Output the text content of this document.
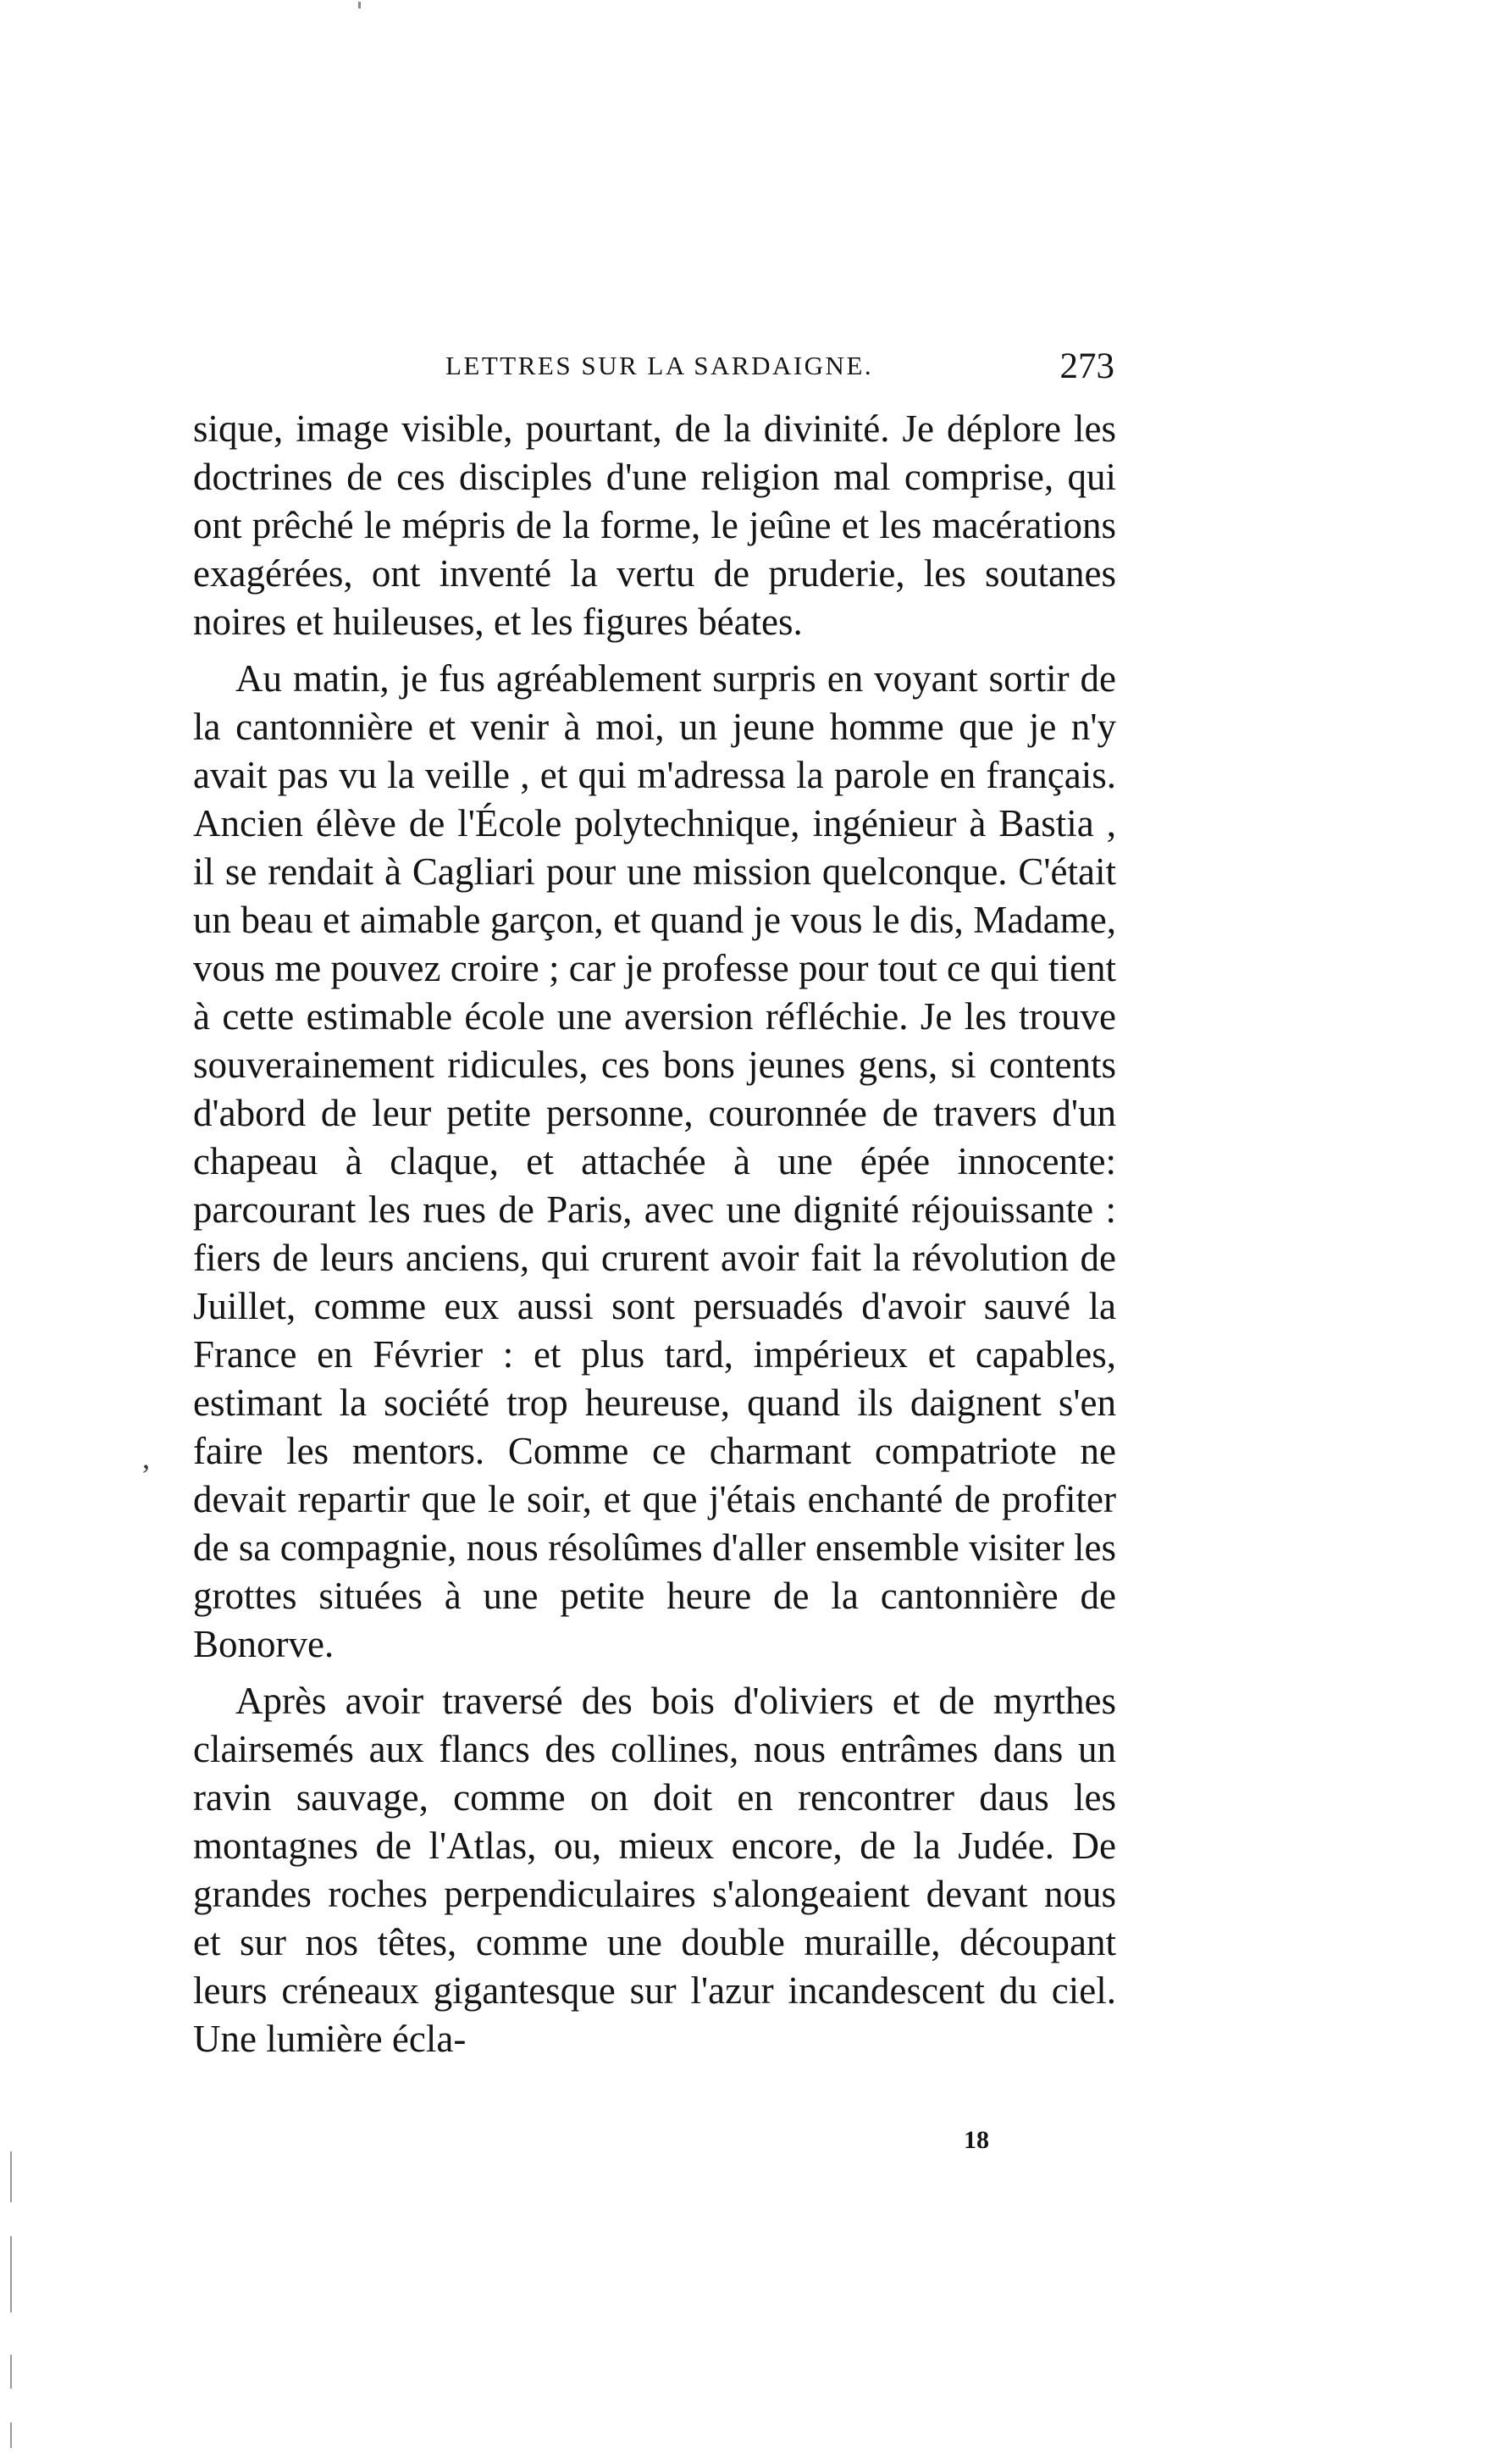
LETTRES SUR LA SARDAIGNE.	273

sique, image visible, pourtant, de la divinité. Je déplore les doctrines de ces disciples d'une religion mal comprise, qui ont prêché le mépris de la forme, le jeûne et les macérations exagérées, ont inventé la vertu de pruderie, les soutanes noires et huileuses, et les figures béates.

Au matin, je fus agréablement surpris en voyant sortir de la cantonnière et venir à moi, un jeune homme que je n'y avait pas vu la veille , et qui m'adressa la parole en français. Ancien élève de l'École polytechnique, ingénieur à Bastia , il se rendait à Cagliari pour une mission quelconque. C'était un beau et aimable garçon, et quand je vous le dis, Madame, vous me pouvez croire ; car je professe pour tout ce qui tient à cette estimable école une aversion réfléchie. Je les trouve souverainement ridicules, ces bons jeunes gens, si contents d'abord de leur petite personne, couronnée de travers d'un chapeau à claque, et attachée à une épée innocente: parcourant les rues de Paris, avec une dignité réjouissante : fiers de leurs anciens, qui crurent avoir fait la révolution de Juillet, comme eux aussi sont persuadés d'avoir sauvé la France en Février : et plus tard, impérieux et capables, estimant la société trop heureuse, quand ils daignent s'en faire les mentors. Comme ce charmant compatriote ne devait repartir que le soir, et que j'étais enchanté de profiter de sa compagnie, nous résolûmes d'aller ensemble visiter les grottes situées à une petite heure de la cantonnière de Bonorve.

Après avoir traversé des bois d'oliviers et de myrthes clairsemés aux flancs des collines, nous entrâmes dans un ravin sauvage, comme on doit en rencontrer daus les montagnes de l'Atlas, ou, mieux encore, de la Judée. De grandes roches perpendiculaires s'alongeaient devant nous et sur nos têtes, comme une double muraille, découpant leurs créneaux gigantesque sur l'azur incandescent du ciel. Une lumière écla-

,
18
